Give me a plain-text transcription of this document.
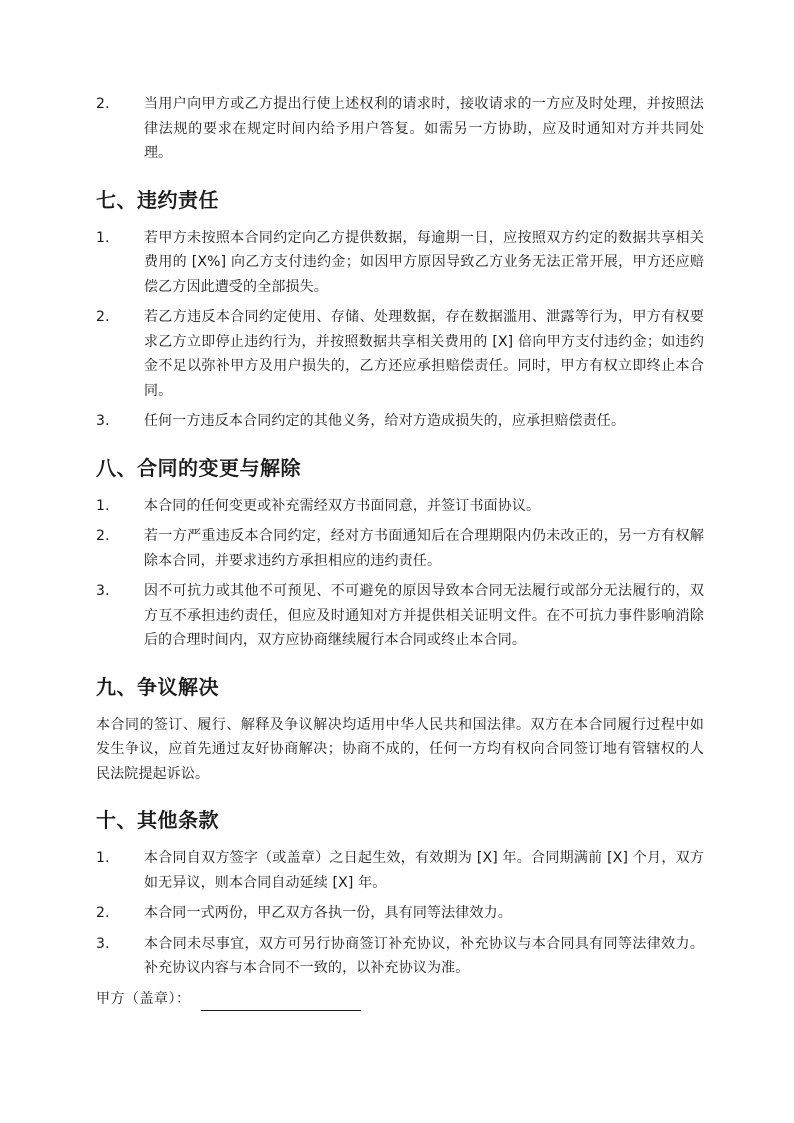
2.	当用户向甲方或乙方提出行使上述权利的请求时，接收请求的一方应及时处理，并按照法律法规的要求在规定时间内给予用户答复。如需另一方协助，应及时通知对方并共同处理。
七、违约责任
1.	若甲方未按照本合同约定向乙方提供数据，每逾期一日，应按照双方约定的数据共享相关费用的 [X%] 向乙方支付违约金；如因甲方原因导致乙方业务无法正常开展，甲方还应赔偿乙方因此遭受的全部损失。
2.	若乙方违反本合同约定使用、存储、处理数据，存在数据滥用、泄露等行为，甲方有权要求乙方立即停止违约行为，并按照数据共享相关费用的 [X] 倍向甲方支付违约金；如违约金不足以弥补甲方及用户损失的，乙方还应承担赔偿责任。同时，甲方有权立即终止本合同。
3.	任何一方违反本合同约定的其他义务，给对方造成损失的，应承担赔偿责任。
八、合同的变更与解除
1.	本合同的任何变更或补充需经双方书面同意，并签订书面协议。
2.	若一方严重违反本合同约定，经对方书面通知后在合理期限内仍未改正的，另一方有权解除本合同，并要求违约方承担相应的违约责任。
3.	因不可抗力或其他不可预见、不可避免的原因导致本合同无法履行或部分无法履行的，双方互不承担违约责任，但应及时通知对方并提供相关证明文件。在不可抗力事件影响消除后的合理时间内，双方应协商继续履行本合同或终止本合同。
九、争议解决

本合同的签订、履行、解释及争议解决均适用中华人民共和国法律。双方在本合同履行过程中如发生争议，应首先通过友好协商解决；协商不成的，任何一方均有权向合同签订地有管辖权的人民法院提起诉讼。

十、其他条款
1.	本合同自双方签字（或盖章）之日起生效，有效期为 [X] 年。合同期满前 [X] 个月，双方如无异议，则本合同自动延续 [X] 年。
2.	本合同一式两份，甲乙双方各执一份，具有同等法律效力。
3.	本合同未尽事宜，双方可另行协商签订补充协议，补充协议与本合同具有同等法律效力。补充协议内容与本合同不一致的，以补充协议为准。
甲方（盖章）：
